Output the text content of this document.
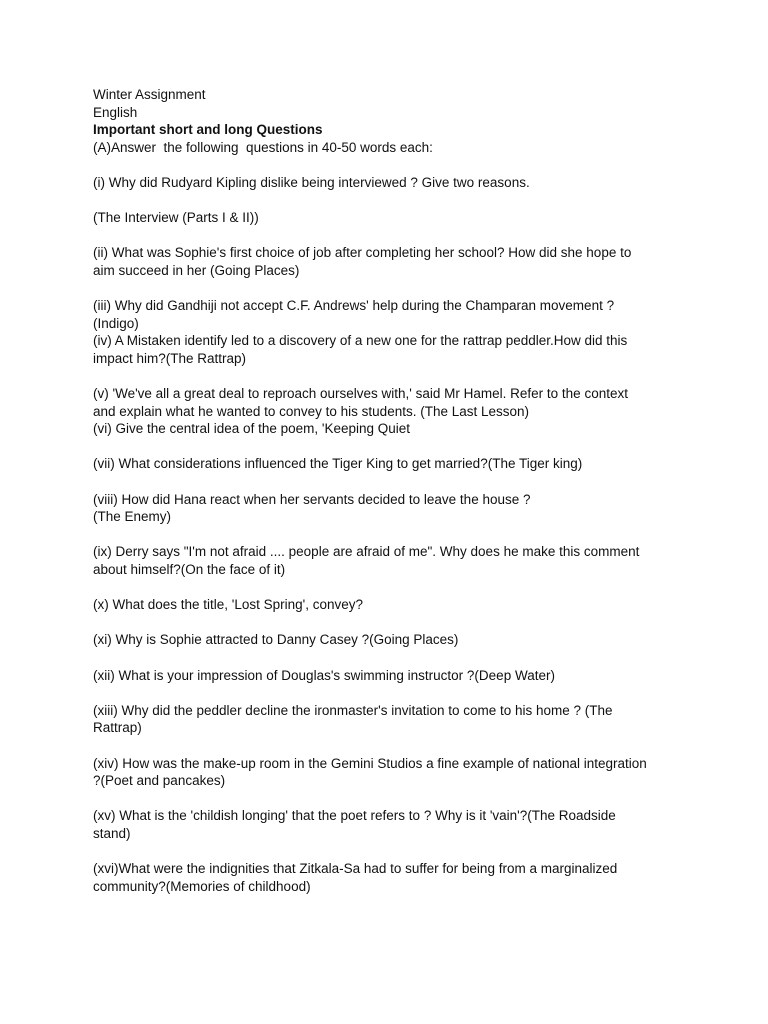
Winter Assignment
English
Important short and long Questions
(A)Answer  the following  questions in 40-50 words each:
(i) Why did Rudyard Kipling dislike being interviewed ? Give two reasons.
(The Interview (Parts I & II))
(ii) What was Sophie's first choice of job after completing her school? How did she hope to
aim succeed in her (Going Places)
(iii) Why did Gandhiji not accept C.F. Andrews' help during the Champaran movement ?
(Indigo)
(iv) A Mistaken identify led to a discovery of a new one for the rattrap peddler.How did this
impact him?(The Rattrap)
(v) 'We've all a great deal to reproach ourselves with,' said Mr Hamel. Refer to the context
and explain what he wanted to convey to his students. (The Last Lesson)
(vi) Give the central idea of the poem, 'Keeping Quiet
(vii) What considerations influenced the Tiger King to get married?(The Tiger king)
(viii) How did Hana react when her servants decided to leave the house ?
(The Enemy)
(ix) Derry says "I'm not afraid .... people are afraid of me". Why does he make this comment
about himself?(On the face of it)
(x) What does the title, 'Lost Spring', convey?
(xi) Why is Sophie attracted to Danny Casey ?(Going Places)
(xii) What is your impression of Douglas's swimming instructor ?(Deep Water)
(xiii) Why did the peddler decline the ironmaster's invitation to come to his home ? (The
Rattrap)
(xiv) How was the make-up room in the Gemini Studios a fine example of national integration
?(Poet and pancakes)
(xv) What is the 'childish longing' that the poet refers to ? Why is it 'vain'?(The Roadside
stand)
(xvi)What were the indignities that Zitkala-Sa had to suffer for being from a marginalized
community?(Memories of childhood)
